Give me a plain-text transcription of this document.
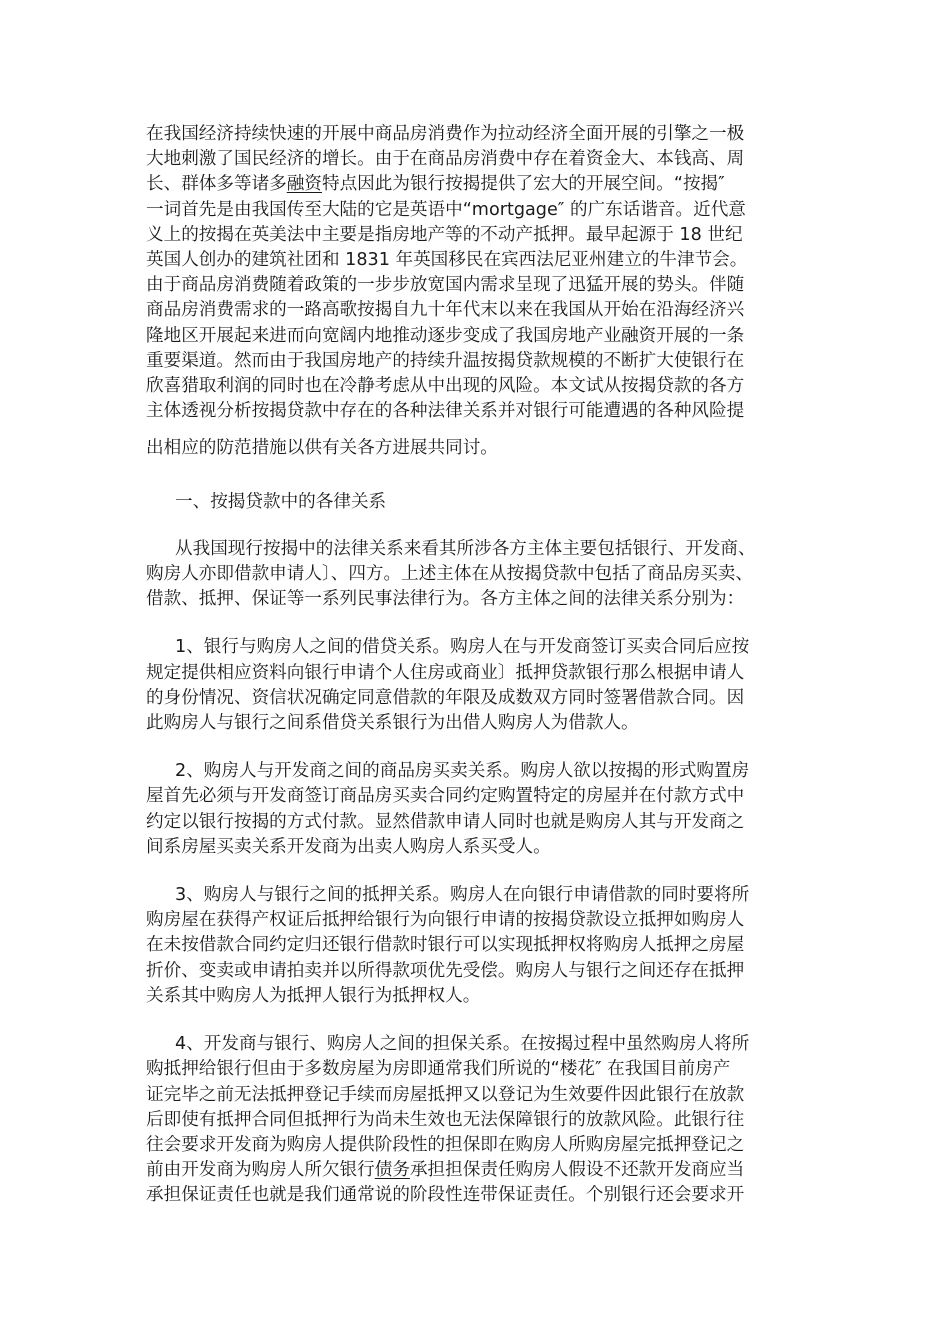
在我国经济持续快速的开展中商品房消费作为拉动经济全面开展的引擎之一极
大地刺激了国民经济的增长。由于在商品房消费中存在着资金大、本钱高、周
长、群体多等诸多融资特点因此为银行按揭提供了宏大的开展空间。“按揭″
一词首先是由我国传至大陆的它是英语中“mortgage″ 的广东话谐音。近代意
义上的按揭在英美法中主要是指房地产等的不动产抵押。最早起源于 18 世纪
英国人创办的建筑社团和 1831 年英国移民在宾西法尼亚州建立的牛津节会。
由于商品房消费随着政策的一步步放宽国内需求呈现了迅猛开展的势头。伴随
商品房消费需求的一路高歌按揭自九十年代末以来在我国从开始在沿海经济兴
隆地区开展起来进而向宽阔内地推动逐步变成了我国房地产业融资开展的一条
重要渠道。然而由于我国房地产的持续升温按揭贷款规模的不断扩大使银行在
欣喜猎取利润的同时也在冷静考虑从中出现的风险。本文试从按揭贷款的各方
主体透视分析按揭贷款中存在的各种法律关系并对银行可能遭遇的各种风险提
出相应的防范措施以供有关各方进展共同讨。

一、按揭贷款中的各律关系

从我国现行按揭中的法律关系来看其所涉各方主体主要包括银行、开发商、
购房人亦即借款申请人〕、四方。上述主体在从按揭贷款中包括了商品房买卖、
借款、抵押、保证等一系列民事法律行为。各方主体之间的法律关系分别为：

1、银行与购房人之间的借贷关系。购房人在与开发商签订买卖合同后应按
规定提供相应资料向银行申请个人住房或商业〕抵押贷款银行那么根据申请人
的身份情况、资信状况确定同意借款的年限及成数双方同时签署借款合同。因
此购房人与银行之间系借贷关系银行为出借人购房人为借款人。

2、购房人与开发商之间的商品房买卖关系。购房人欲以按揭的形式购置房
屋首先必须与开发商签订商品房买卖合同约定购置特定的房屋并在付款方式中
约定以银行按揭的方式付款。显然借款申请人同时也就是购房人其与开发商之
间系房屋买卖关系开发商为出卖人购房人系买受人。

3、购房人与银行之间的抵押关系。购房人在向银行申请借款的同时要将所
购房屋在获得产权证后抵押给银行为向银行申请的按揭贷款设立抵押如购房人
在未按借款合同约定归还银行借款时银行可以实现抵押权将购房人抵押之房屋
折价、变卖或申请拍卖并以所得款项优先受偿。购房人与银行之间还存在抵押
关系其中购房人为抵押人银行为抵押权人。

4、开发商与银行、购房人之间的担保关系。在按揭过程中虽然购房人将所
购抵押给银行但由于多数房屋为房即通常我们所说的“楼花″ 在我国目前房产
证完毕之前无法抵押登记手续而房屋抵押又以登记为生效要件因此银行在放款
后即使有抵押合同但抵押行为尚未生效也无法保障银行的放款风险。此银行往
往会要求开发商为购房人提供阶段性的担保即在购房人所购房屋完抵押登记之
前由开发商为购房人所欠银行债务承担担保责任购房人假设不还款开发商应当
承担保证责任也就是我们通常说的阶段性连带保证责任。个别银行还会要求开
